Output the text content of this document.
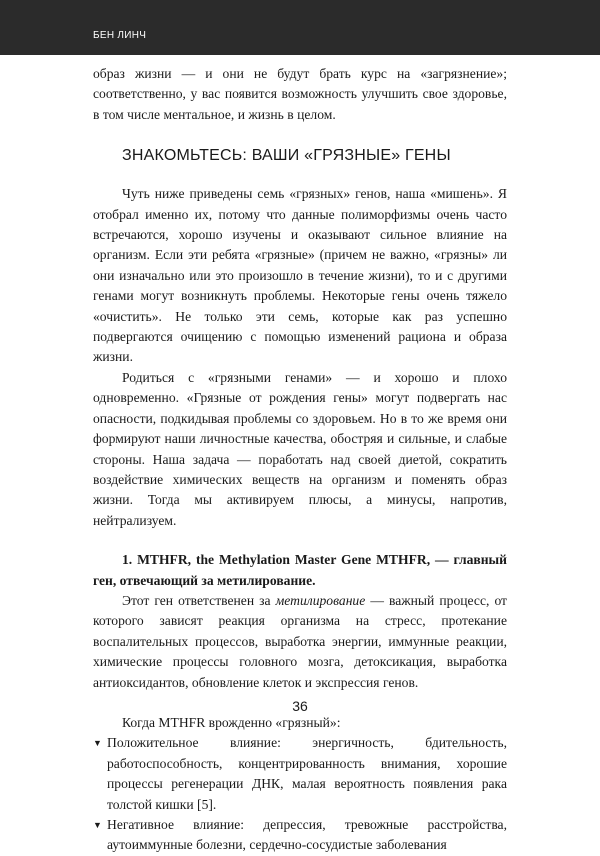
БЕН ЛИНЧ

образ жизни — и они не будут брать курс на «загрязнение»; соответственно, у вас появится возможность улучшить свое здоровье, в том числе ментальное, и жизнь в целом.

ЗНАКОМЬТЕСЬ: ВАШИ «ГРЯЗНЫЕ» ГЕНЫ

Чуть ниже приведены семь «грязных» генов, наша «мишень». Я отобрал именно их, потому что данные полиморфизмы очень часто встречаются, хорошо изучены и оказывают сильное влияние на организм. Если эти ребята «грязные» (причем не важно, «грязны» ли они изначально или это произошло в течение жизни), то и с другими генами могут возникнуть проблемы. Некоторые гены очень тяжело «очистить». Не только эти семь, которые как раз успешно подвергаются очищению с помощью изменений рациона и образа жизни.

Родиться с «грязными генами» — и хорошо и плохо одновременно. «Грязные от рождения гены» могут подвергать нас опасности, подкидывая проблемы со здоровьем. Но в то же время они формируют наши личностные качества, обостряя и сильные, и слабые стороны. Наша задача — поработать над своей диетой, сократить воздействие химических веществ на организм и поменять образ жизни. Тогда мы активируем плюсы, а минусы, напротив, нейтрализуем.

1. MTHFR, the Methylation Master Gene MTHFR, — главный ген, отвечающий за метилирование.

Этот ген ответственен за метилирование — важный процесс, от которого зависят реакция организма на стресс, протекание воспалительных процессов, выработка энергии, иммунные реакции, химические процессы головного мозга, детоксикация, выработка антиоксидантов, обновление клеток и экспрессия генов.

Когда MTHFR врожденно «грязный»:

▼ Положительное влияние: энергичность, бдительность, работоспособность, концентрированность внимания, хорошие процессы регенерации ДНК, малая вероятность появления рака толстой кишки [5].
▼ Негативное влияние: депрессия, тревожные расстройства, аутоиммунные болезни, сердечно-сосудистые заболевания
36
